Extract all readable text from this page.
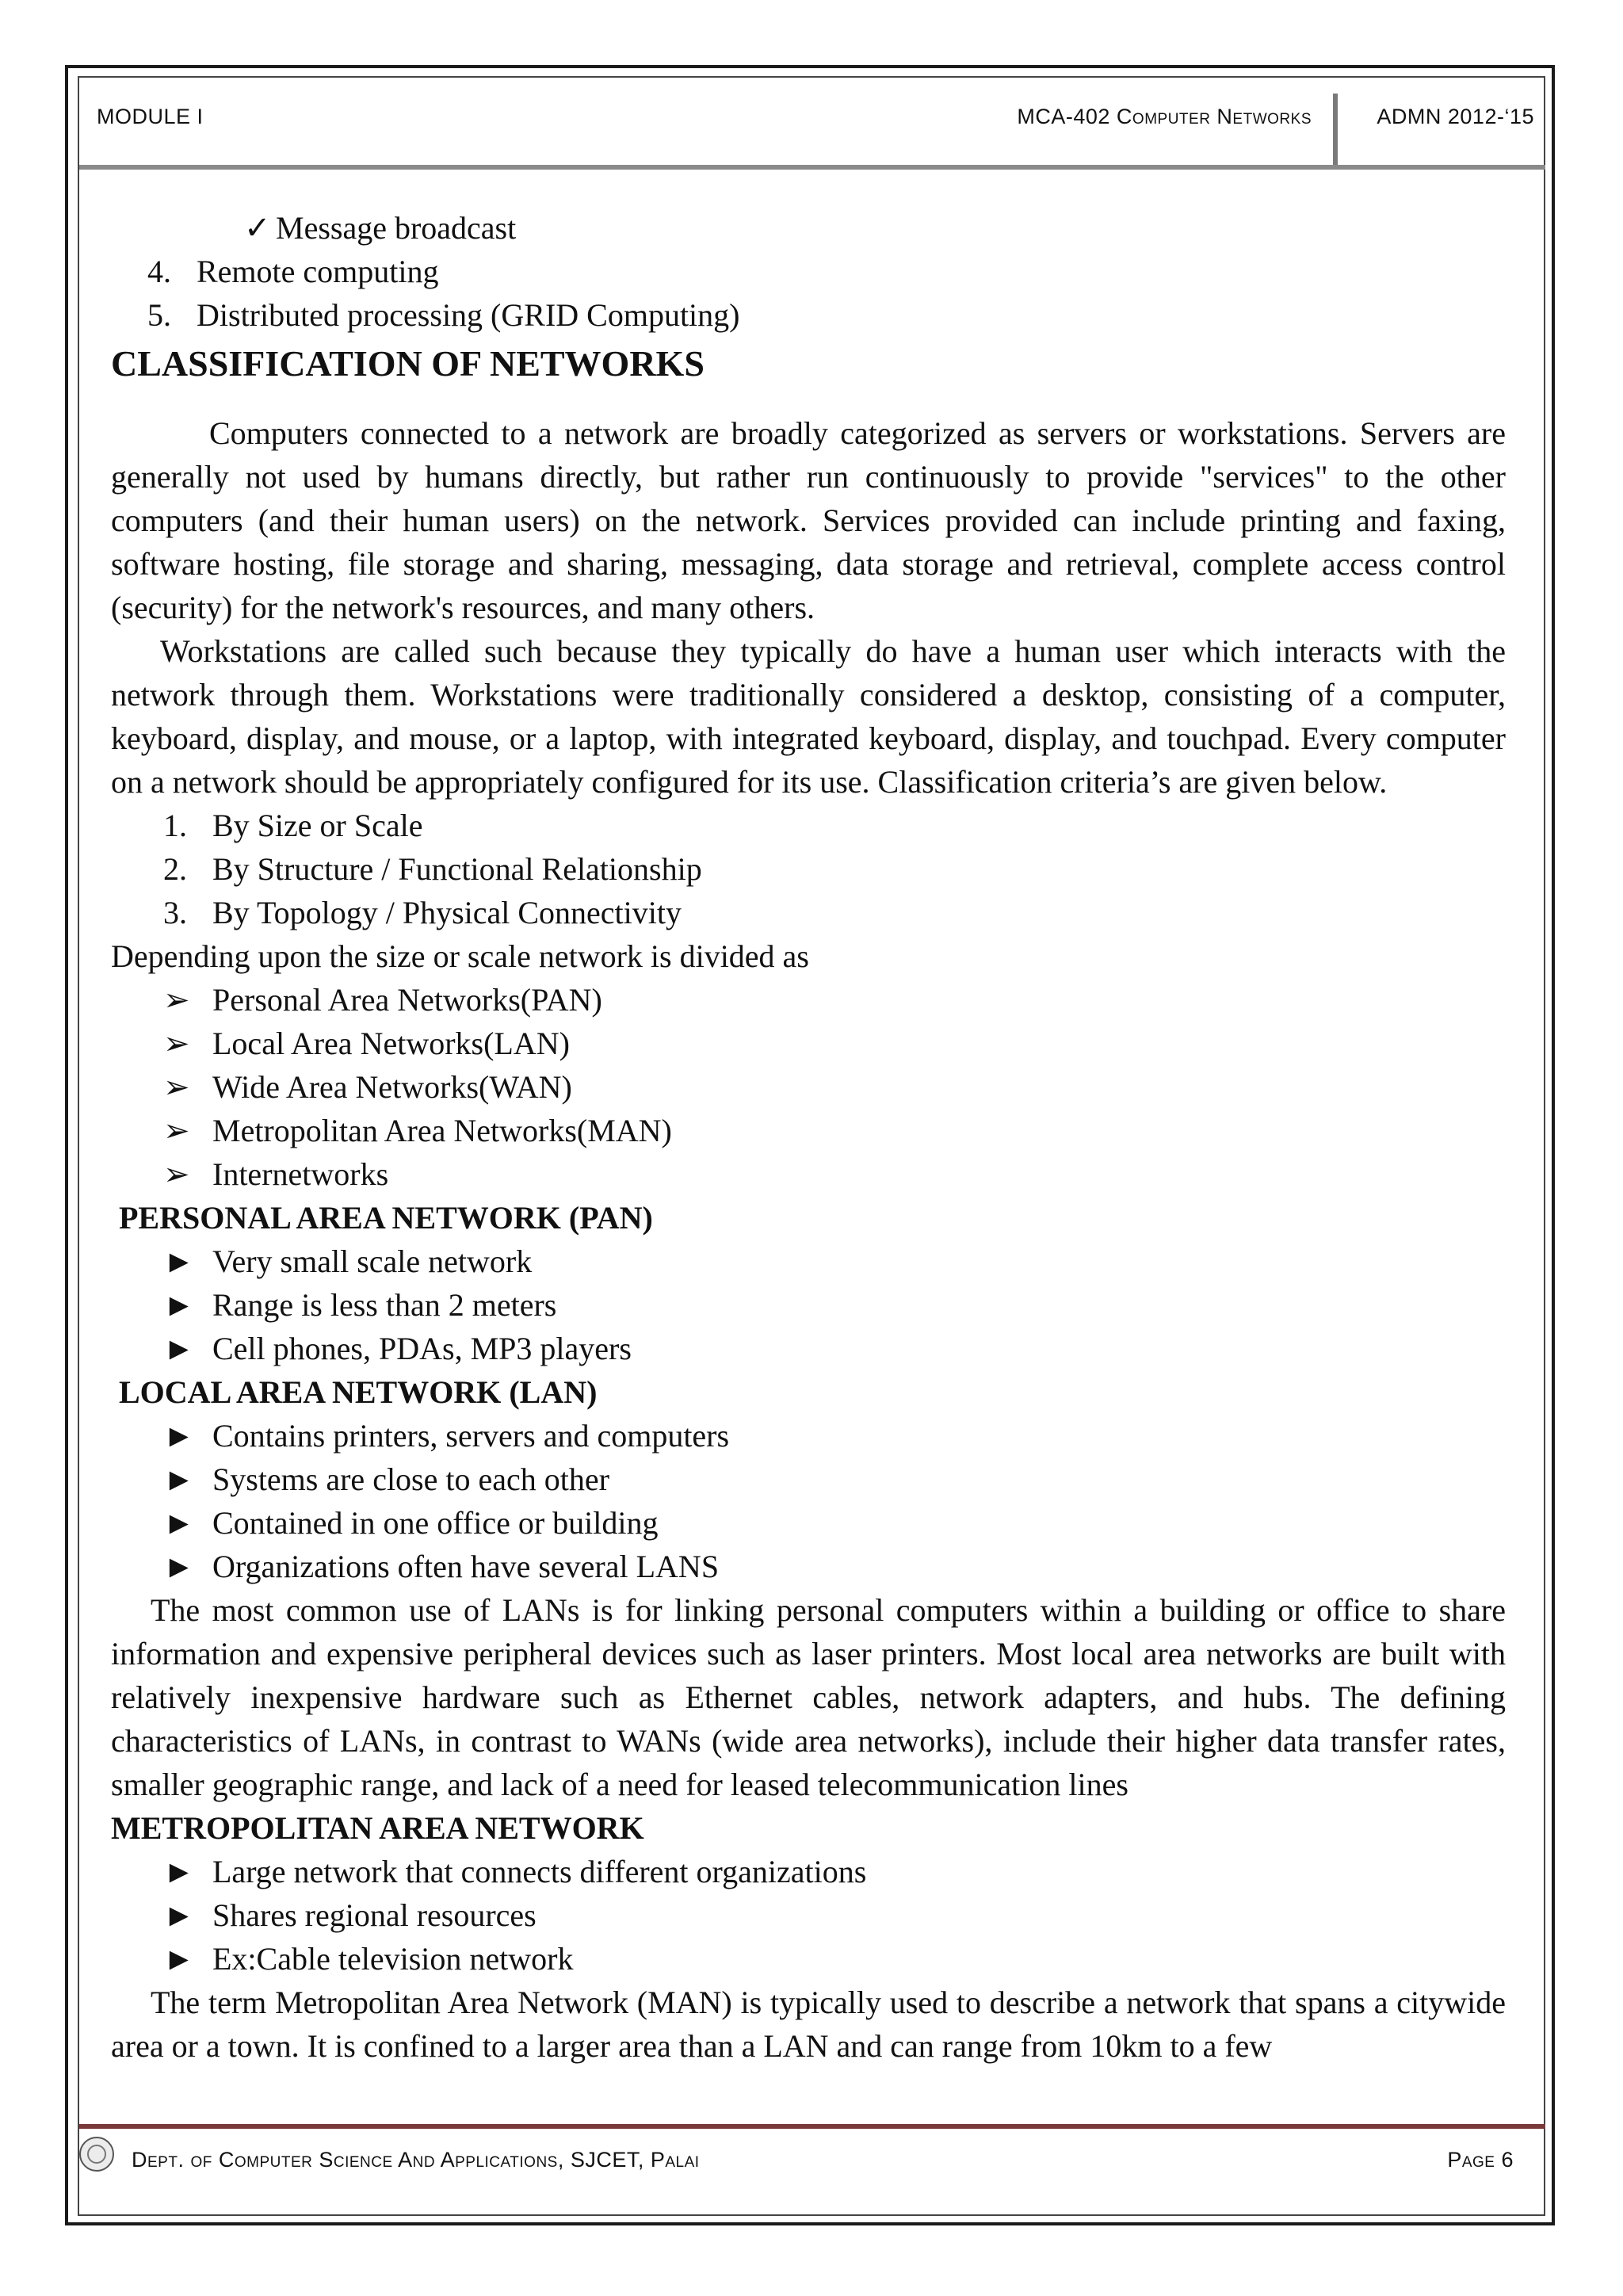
MODULE I	MCA-402 Computer Networks	ADMN 2012-‘15
✓ Message broadcast
4. Remote computing
5. Distributed processing (GRID Computing)

CLASSIFICATION OF NETWORKS

Computers connected to a network are broadly categorized as servers or workstations. Servers are generally not used by humans directly, but rather run continuously to provide "services" to the other computers (and their human users) on the network. Services provided can include printing and faxing, software hosting, file storage and sharing, messaging, data storage and retrieval, complete access control (security) for the network's resources, and many others.

Workstations are called such because they typically do have a human user which interacts with the network through them. Workstations were traditionally considered a desktop, consisting of a computer, keyboard, display, and mouse, or a laptop, with integrated keyboard, display, and touchpad. Every computer on a network should be appropriately configured for its use. Classification criteria’s are given below.

1. By Size or Scale
2. By Structure / Functional Relationship
3. By Topology / Physical Connectivity

Depending upon the size or scale network is divided as

➢ Personal Area Networks(PAN)
➢ Local Area Networks(LAN)
➢ Wide Area Networks(WAN)
➢ Metropolitan Area Networks(MAN)
➢ Internetworks

PERSONAL AREA NETWORK (PAN)

► Very small scale network
► Range is less than 2 meters
► Cell phones, PDAs, MP3 players

LOCAL AREA NETWORK (LAN)

► Contains printers, servers and computers
► Systems are close to each other
► Contained in one office or building
► Organizations often have several LANS

The most common use of LANs is for linking personal computers within a building or office to share information and expensive peripheral devices such as laser printers. Most local area networks are built with relatively inexpensive hardware such as Ethernet cables, network adapters, and hubs. The defining characteristics of LANs, in contrast to WANs (wide area networks), include their higher data transfer rates, smaller geographic range, and lack of a need for leased telecommunication lines

METROPOLITAN AREA NETWORK

► Large network that connects different organizations
► Shares regional resources
► Ex:Cable television network

The term Metropolitan Area Network (MAN) is typically used to describe a network that spans a citywide area or a town. It is confined to a larger area than a LAN and can range from 10km to a few

Dept. of Computer Science And Applications, SJCET, Palai	Page 6
